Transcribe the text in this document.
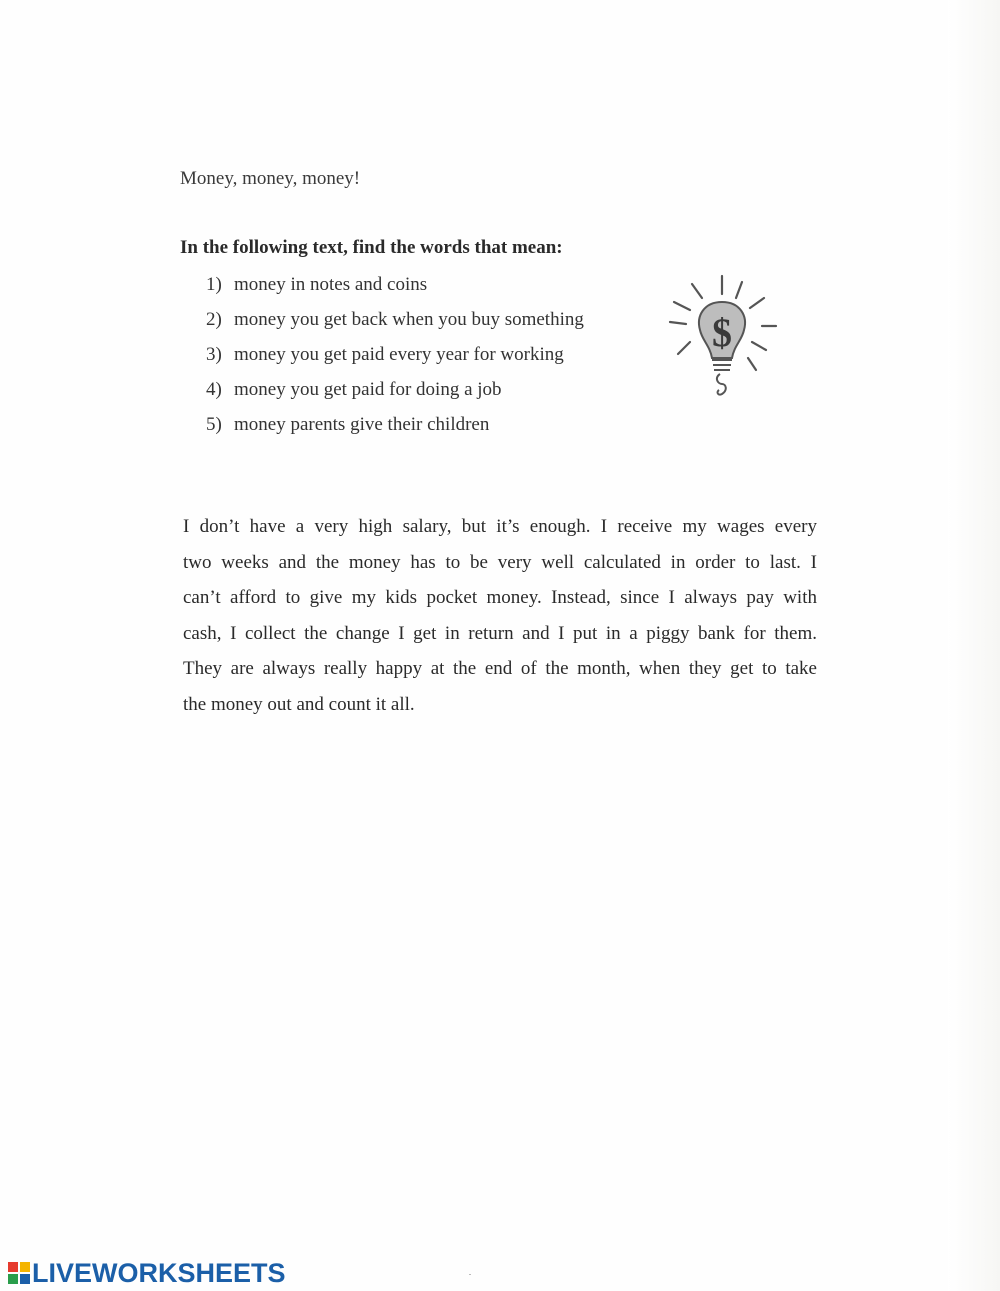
Money, money, money!
In the following text, find the words that mean:
1) money in notes and coins
2) money you get back when you buy something
3) money you get paid every year for working
4) money you get paid for doing a job
5) money parents give their children
$
I don’t have a very high salary, but it’s enough. I receive my wages every
two weeks and the money has to be very well calculated in order to last. I
can’t afford to give my kids pocket money. Instead, since I always pay with
cash, I collect the change I get in return and I put in a piggy bank for them.
They are always really happy at the end of the month, when they get to take
the money out and count it all.
LIVEWORKSHEETS
